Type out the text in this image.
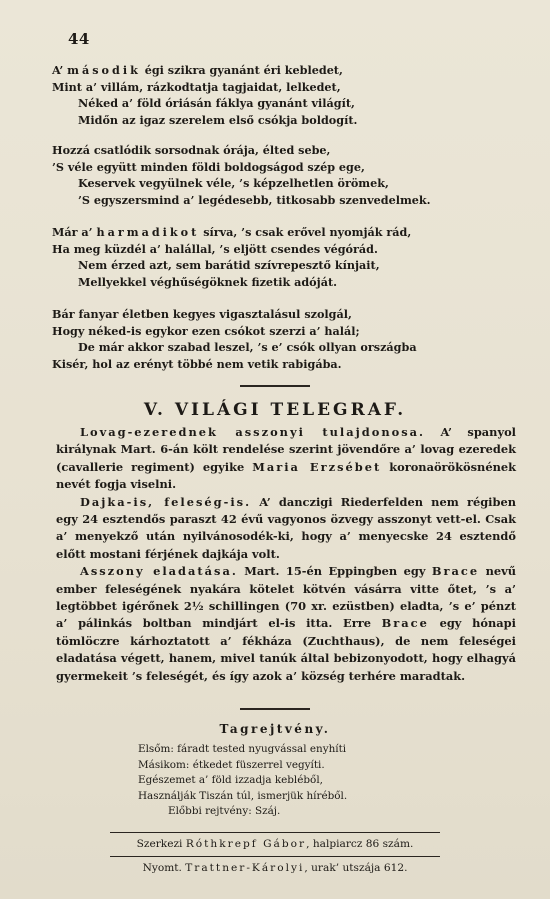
44
A’ második égi szikra gyanánt éri kebledet,
Mint a’ villám, rázkodtatja tagjaidat, lelkedet,
Néked a’ föld óriásán fáklya gyanánt világít,
Midőn az igaz szerelem első csókja boldogít.
Hozzá csatlódik sorsodnak órája, élted sebe,
’S véle együtt minden földi boldogságod szép ege,
Keservek vegyülnek véle, ’s képzelhetlen örömek,
’S egyszersmind a’ legédesebb, titkosabb szenvedelmek.
Már a’ harmadikot sírva, ’s csak erővel nyomják rád,
Ha meg küzdél a’ halállal, ’s eljött csendes végórád.
Nem érzed azt, sem barátid szívrepesztő kínjait,
Mellyekkel véghűségöknek fizetik adóját.
Bár fanyar életben kegyes vigasztalásul szolgál,
Hogy néked-is egykor ezen csókot szerzi a’ halál;
De már akkor szabad leszel, ’s e’ csók ollyan országba
Kisér, hol az erényt többé nem vetik rabigába.
V. VILÁGI TELEGRAF.

Lovag-ezerednek asszonyi tulajdonosa. A’ spanyol királynak Mart. 6-án költ rendelése szerint jövendőre a’ lovag ezeredek (cavallerie regiment) egyike Maria Erzsébet koronaörökösnének nevét fogja viselni.

Dajka-is, feleség-is. A’ danczigi Riederfelden nem régiben egy 24 esztendős paraszt 42 évű vagyonos özvegy asszonyt vett-el. Csak a’ menyekző után nyilvánosodék-ki, hogy a’ menyecske 24 esztendő előtt mostani férjének dajkája volt.

Asszony eladatása. Mart. 15-én Eppingben egy Brace nevű ember feleségének nyakára kötelet kötvén vásárra vitte őtet, ’s a’ legtöbbet igérőnek 2½ schillingen (70 xr. ezüstben) eladta, ’s e’ pénzt a’ pálinkás boltban mindjárt el-is itta. Erre Brace egy hónapi tömlöczre kárhoztatott a’ fékháza (Zuchthaus), de nem feleségei eladatása végett, hanem, mivel tanúk által bebizonyodott, hogy elhagyá gyermekeit ’s feleségét, és így azok a’ község terhére maradtak.

Tagrejtvény.
Elsőm: fáradt tested nyugvással enyhíti
Másikom: étkedet füszerrel vegyíti.
Egészemet a’ föld izzadja kebléből,
Használják Tiszán túl, ismerjük híréből.
Előbbi rejtvény: Száj.
Szerkezi Róthkrepf Gábor, halpiarcz 86 szám.
Nyomt. Trattner-Károlyi, urak’ utszája 612.
